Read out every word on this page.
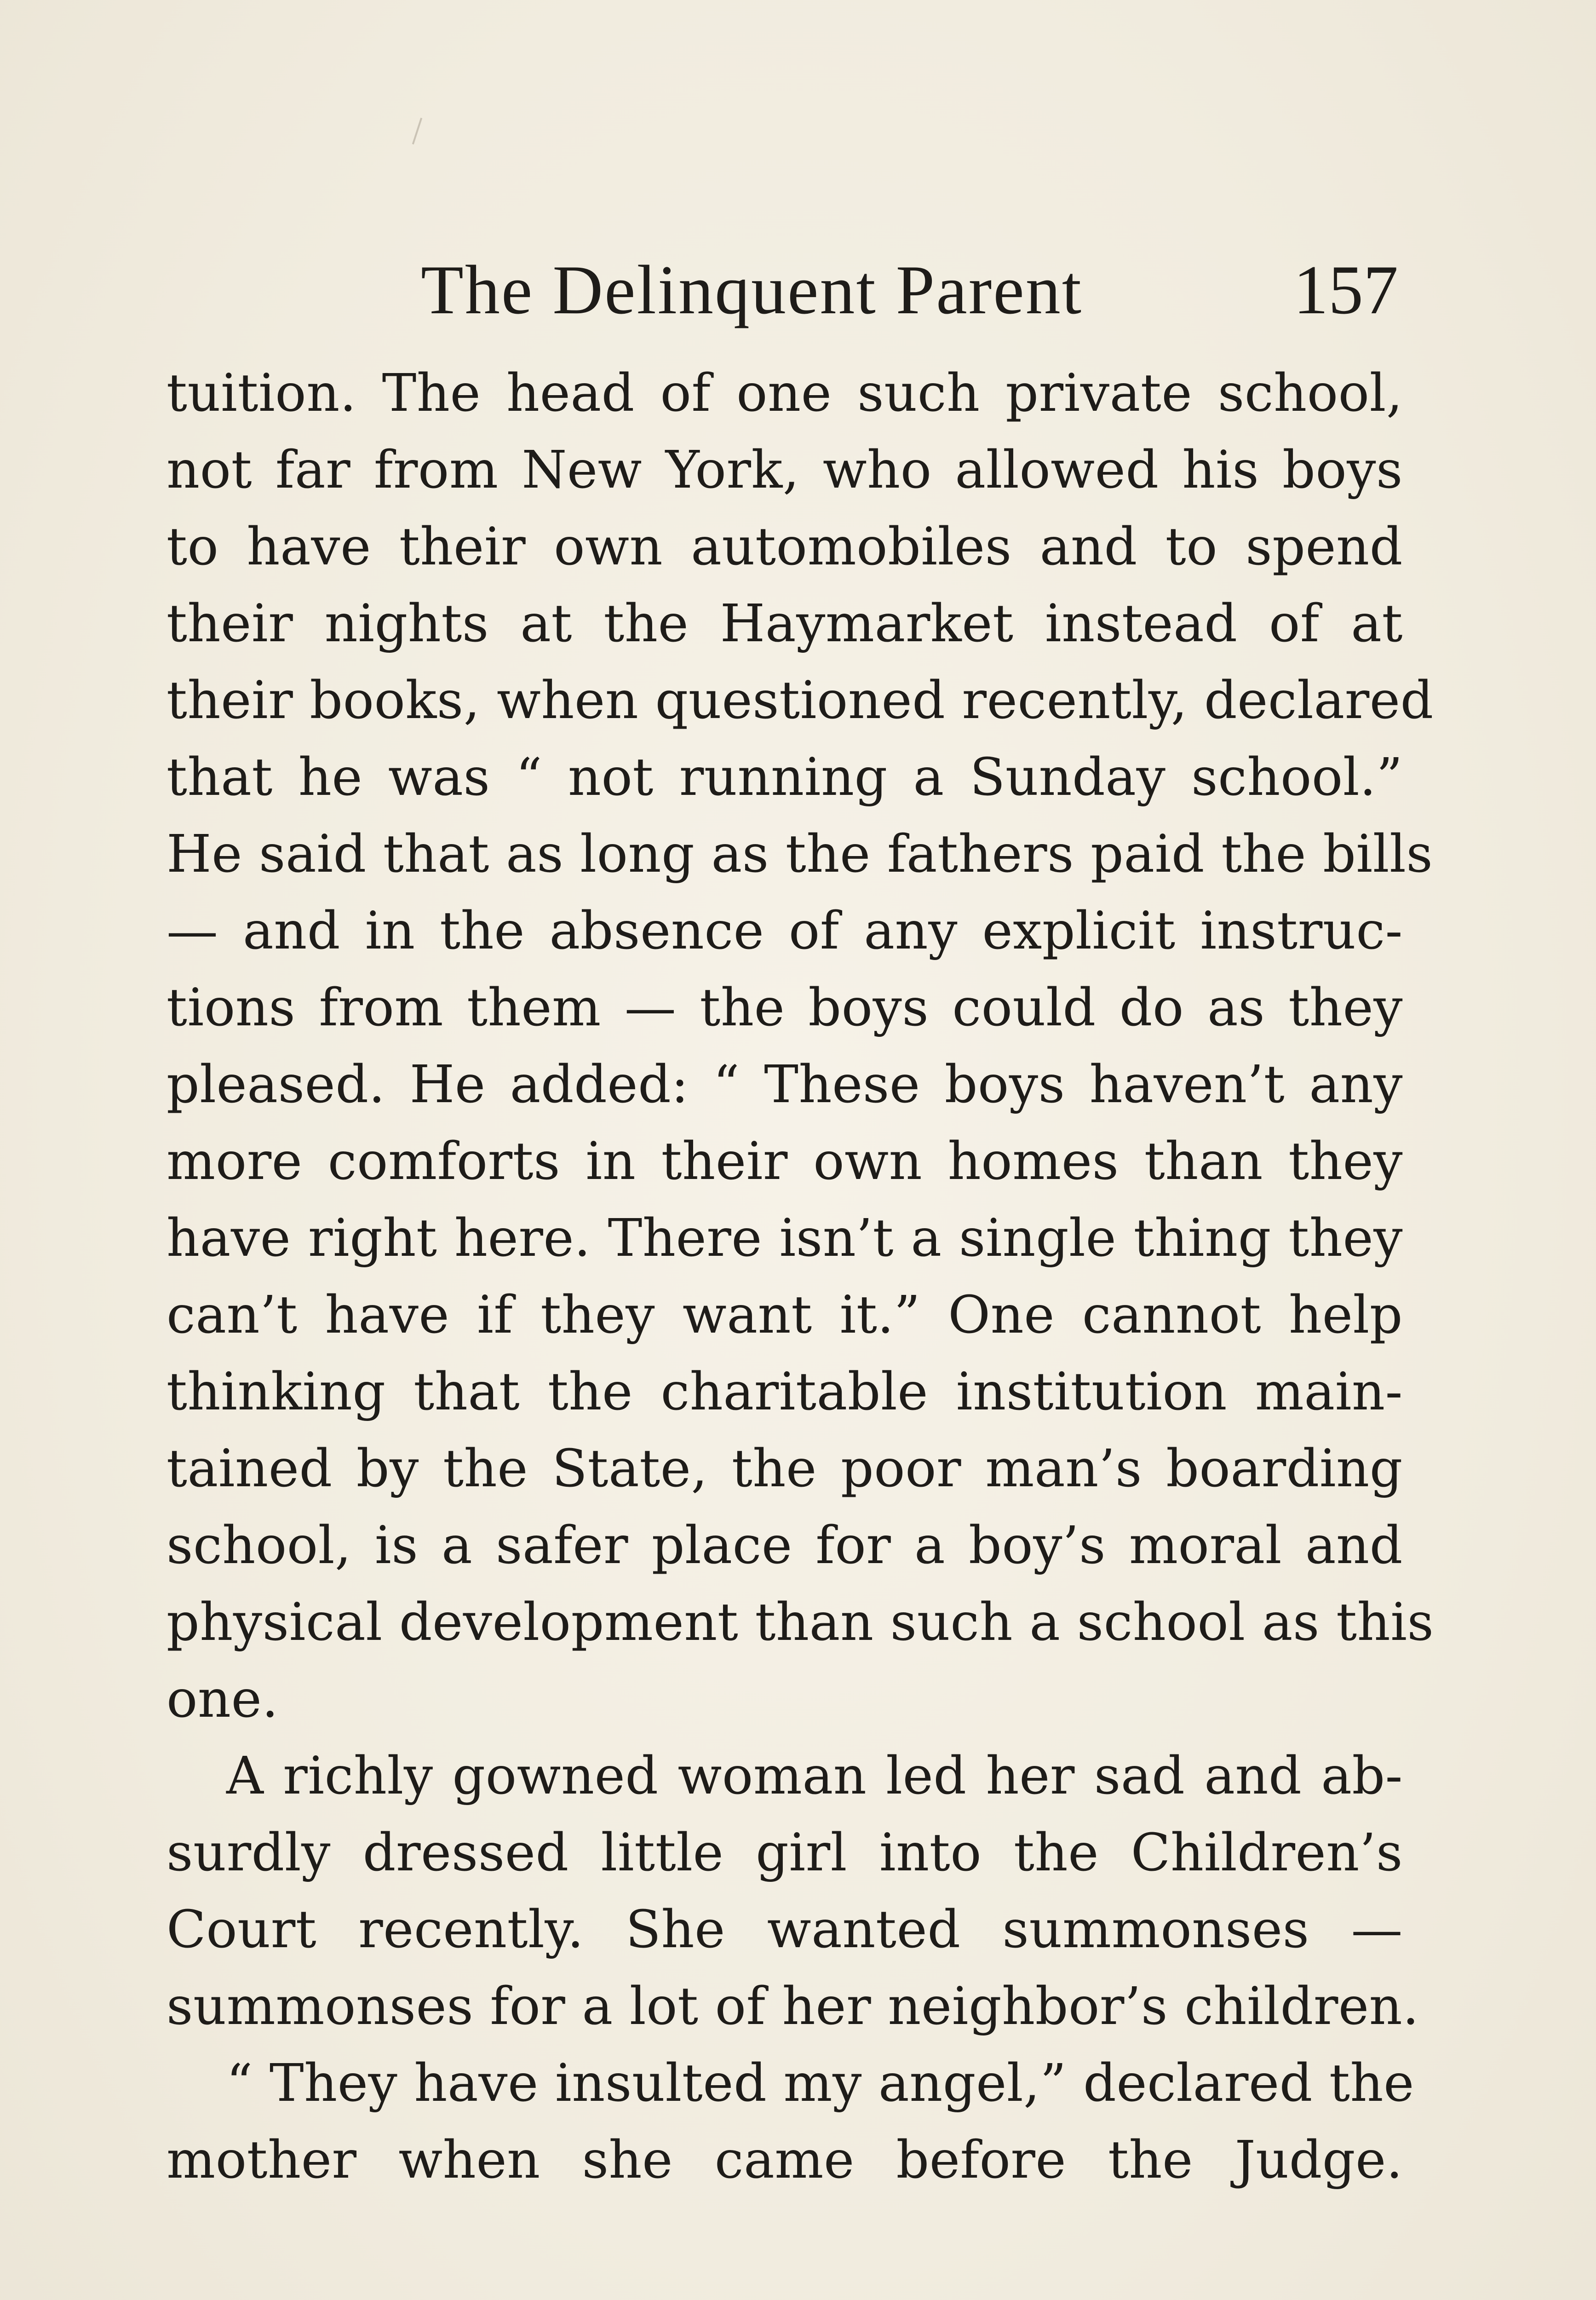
The Delinquent Parent	157
tuition. The head of one such private school,
not far from New York, who allowed his boys
to have their own automobiles and to spend
their nights at the Haymarket instead of at
their books, when questioned recently, declared
that he was “ not running a Sunday school.”
He said that as long as the fathers paid the bills
— and in the absence of any explicit instruc-
tions from them — the boys could do as they
pleased. He added: “ These boys haven’t any
more comforts in their own homes than they
have right here. There isn’t a single thing they
can’t have if they want it.” One cannot help
thinking that the charitable institution main-
tained by the State, the poor man’s boarding
school, is a safer place for a boy’s moral and
physical development than such a school as this
one.
A richly gowned woman led her sad and ab-
surdly dressed little girl into the Children’s
Court recently. She wanted summonses —
summonses for a lot of her neighbor’s children.
“ They have insulted my angel,” declared the
mother when she came before the Judge.
